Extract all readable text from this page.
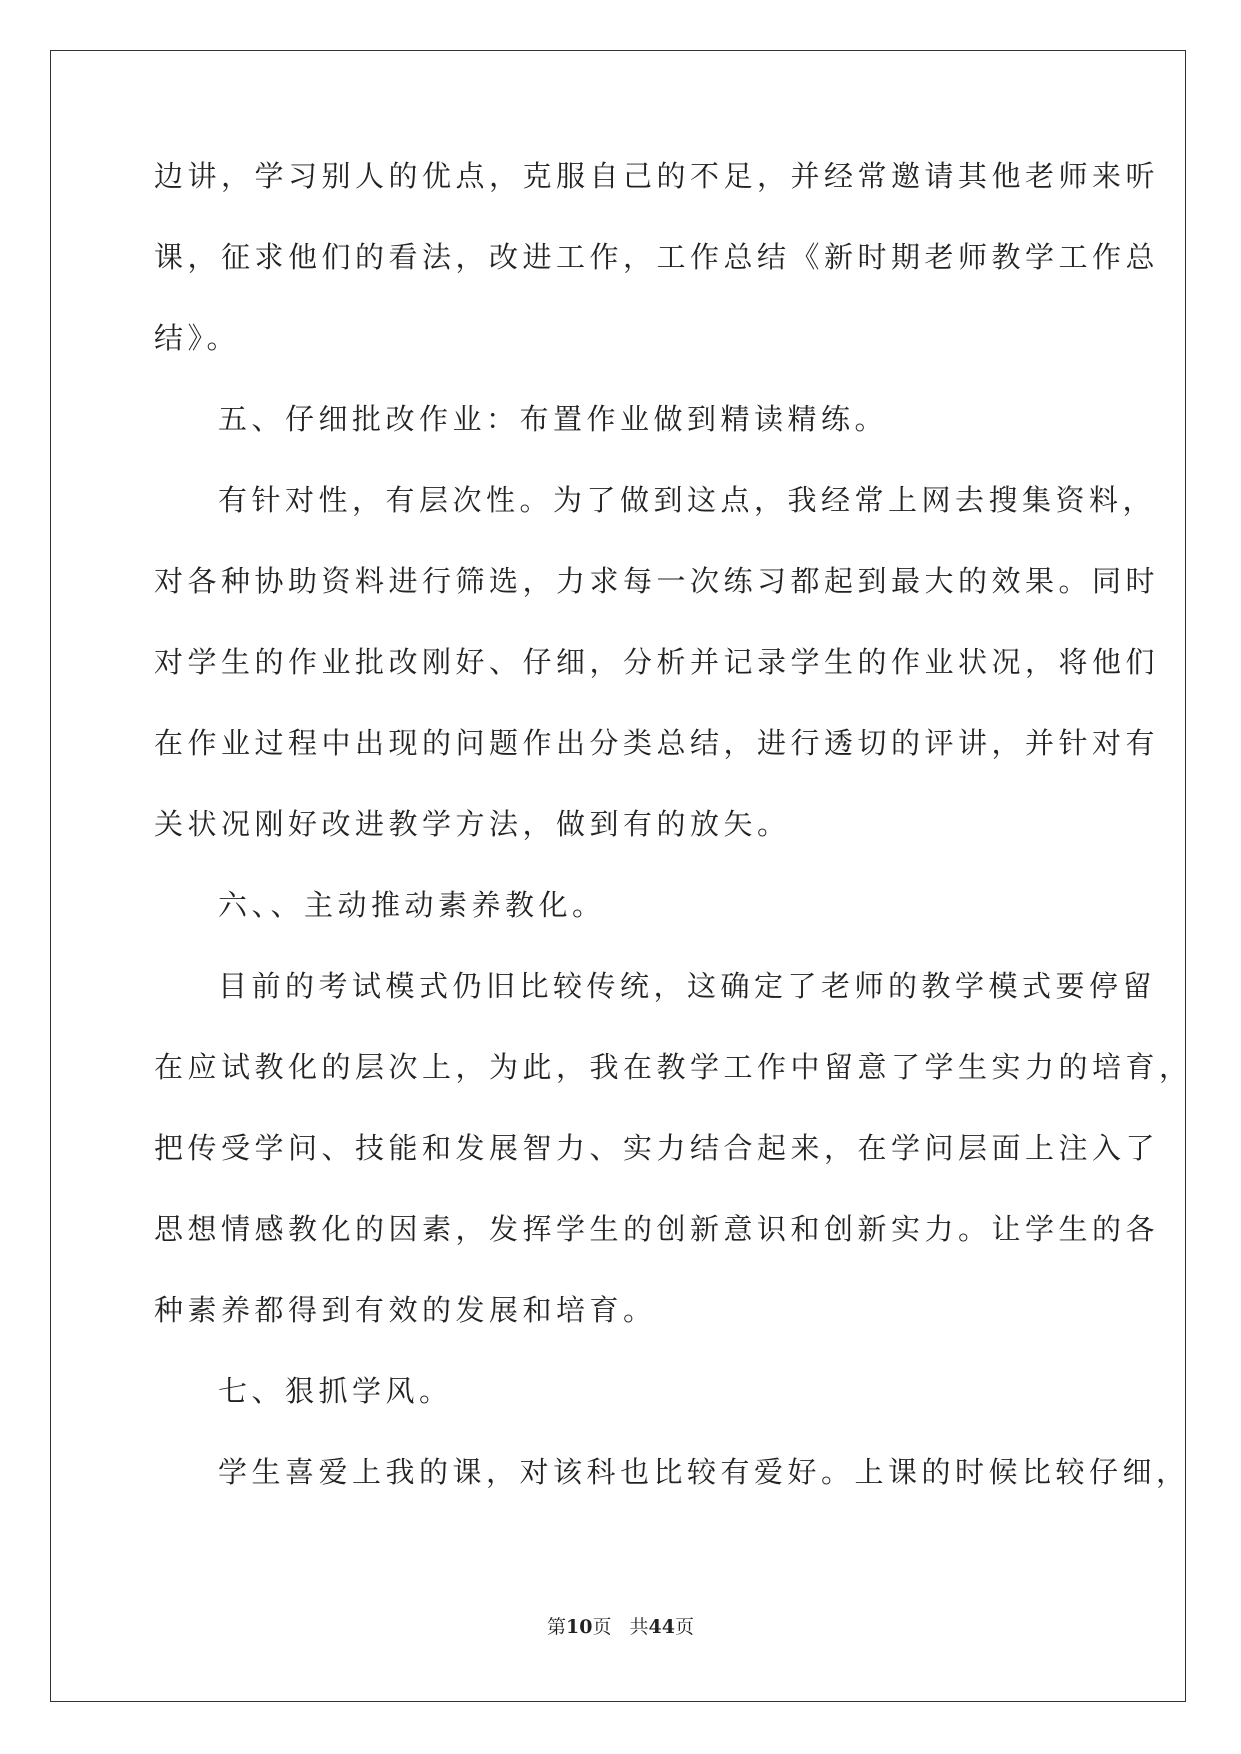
边讲，学习别人的优点，克服自己的不足，并经常邀请其他老师来听
课，征求他们的看法，改进工作，工作总结《新时期老师教学工作总
结》。
五、仔细批改作业：布置作业做到精读精练。
有针对性，有层次性。为了做到这点，我经常上网去搜集资料，
对各种协助资料进行筛选，力求每一次练习都起到最大的效果。同时
对学生的作业批改刚好、仔细，分析并记录学生的作业状况，将他们
在作业过程中出现的问题作出分类总结，进行透切的评讲，并针对有
关状况刚好改进教学方法，做到有的放矢。
六、、主动推动素养教化。
目前的考试模式仍旧比较传统，这确定了老师的教学模式要停留
在应试教化的层次上，为此，我在教学工作中留意了学生实力的培育，
把传受学问、技能和发展智力、实力结合起来，在学问层面上注入了
思想情感教化的因素，发挥学生的创新意识和创新实力。让学生的各
种素养都得到有效的发展和培育。
七、狠抓学风。
学生喜爱上我的课，对该科也比较有爱好。上课的时候比较仔细，
第10页 共44页
